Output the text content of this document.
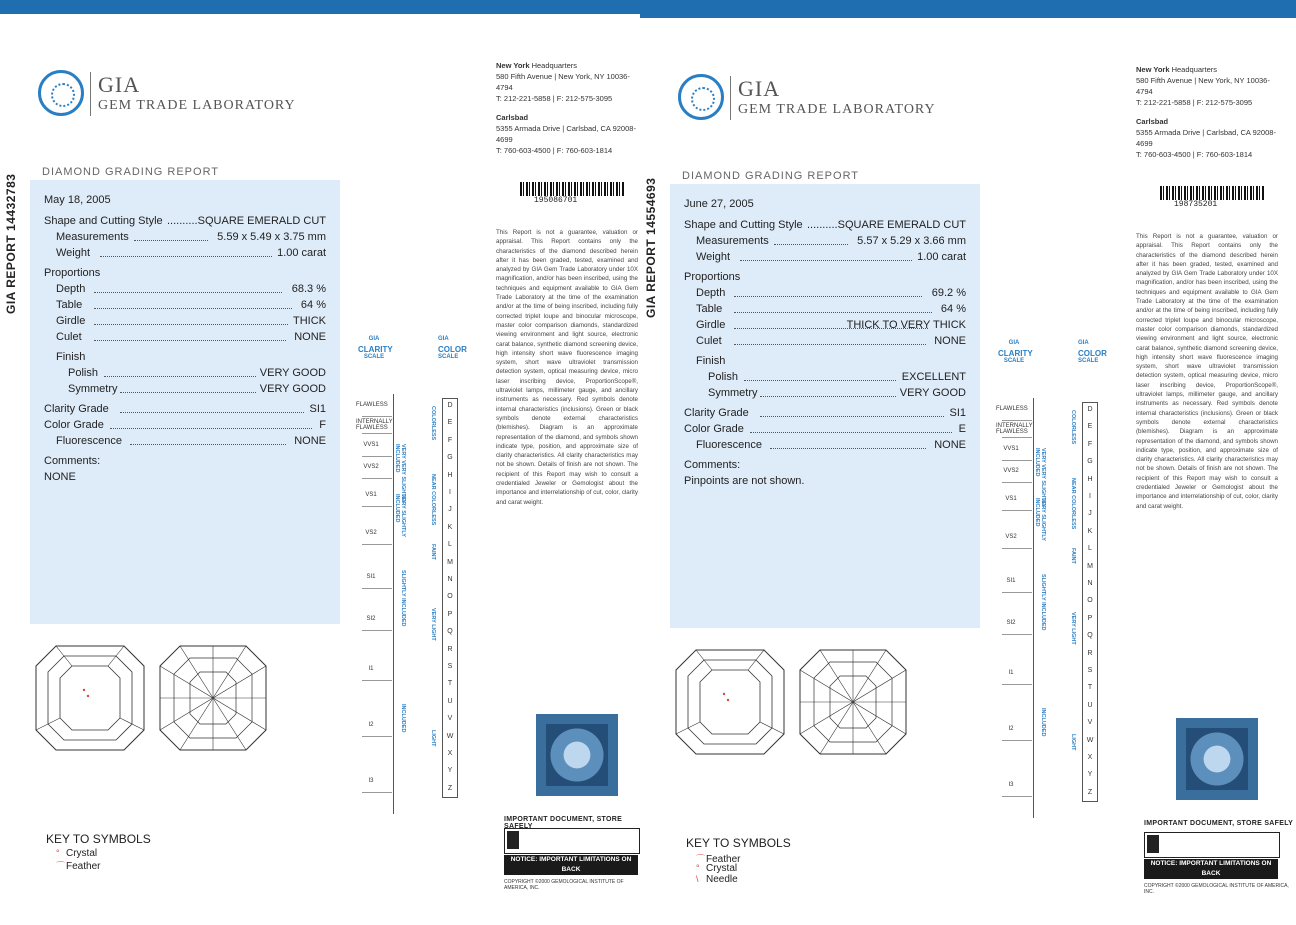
GIA REPORT 14432783
GIA
GEM TRADE LABORATORY
New York Headquarters
580 Fifth Avenue | New York, NY 10036-4794
T: 212-221-5858 | F: 212-575-3095
Carlsbad
5355 Armada Drive | Carlsbad, CA 92008-4699
T: 760-603-4500 | F: 760-603-1814
195086701
This Report is not a guarantee, valuation or appraisal. This Report contains only the characteristics of the diamond described herein after it has been graded, tested, examined and analyzed by GIA Gem Trade Laboratory under 10X magnification, and/or has been inscribed, using the techniques and equipment available to GIA Gem Trade Laboratory at the time of the examination and/or at the time of being inscribed, including fully corrected triplet loupe and binocular microscope, master color comparison diamonds, standardized viewing environment and light source, electronic carat balance, synthetic diamond screening device, high intensity short wave fluorescence imaging system, short wave ultraviolet transmission detection system, optical measuring device, micro laser inscribing device, ProportionScope®, ultraviolet lamps, millimeter gauge, and ancillary instruments as necessary. Red symbols denote internal characteristics (inclusions). Green or black symbols denote external characteristics (blemishes). Diagram is an approximate representation of the diamond, and symbols shown indicate type, position, and approximate size of clarity characteristics. All clarity characteristics may not be shown. Details of finish are not shown. The recipient of this Report may wish to consult a credentialed Jeweler or Gemologist about the importance and interrelationship of cut, color, clarity and carat weight.
DIAMOND GRADING REPORT
May 18, 2005
Shape and Cutting Style .......... SQUARE EMERALD CUT
Measurements	5.59 x 5.49 x 3.75 mm
Weight	1.00 carat
Proportions
Depth	68.3 %
Table	64 %
Girdle	THICK
Culet	NONE
Finish
Polish	VERY GOOD
Symmetry	VERY GOOD
Clarity Grade	SI1
Color Grade	F
Fluorescence	NONE
Comments:
NONE
KEY TO SYMBOLS
° Crystal
⌒Feather
GIA
CLARITY
SCALE
FLAWLESS
INTERNALLY FLAWLESS
VVS1
VVS2
VS1
VS2
SI1
SI2
I1
I2
I3
VERY VERY SLIGHTLY INCLUDED
VERY SLIGHTLY INCLUDED
SLIGHTLY INCLUDED
INCLUDED
GIA
COLOR
SCALE
D
E
F
G
H
I
J
K
L
M
N
O
P
Q
R
S
T
U
V
W
X
Y
Z
COLORLESS
NEAR COLORLESS
FAINT
VERY LIGHT
LIGHT
IMPORTANT DOCUMENT, STORE SAFELY
NOTICE: IMPORTANT LIMITATIONS ON BACK
COPYRIGHT ©2000 GEMOLOGICAL INSTITUTE OF AMERICA, INC.
GIA REPORT 14554693
GIA
GEM TRADE LABORATORY
New York Headquarters
580 Fifth Avenue | New York, NY 10036-4794
T: 212-221-5858 | F: 212-575-3095
Carlsbad
5355 Armada Drive | Carlsbad, CA 92008-4699
T: 760-603-4500 | F: 760-603-1814
198735201
This Report is not a guarantee, valuation or appraisal. This Report contains only the characteristics of the diamond described herein after it has been graded, tested, examined and analyzed by GIA Gem Trade Laboratory under 10X magnification, and/or has been inscribed, using the techniques and equipment available to GIA Gem Trade Laboratory at the time of the examination and/or at the time of being inscribed, including fully corrected triplet loupe and binocular microscope, master color comparison diamonds, standardized viewing environment and light source, electronic carat balance, synthetic diamond screening device, high intensity short wave fluorescence imaging system, short wave ultraviolet transmission detection system, optical measuring device, micro laser inscribing device, ProportionScope®, ultraviolet lamps, millimeter gauge, and ancillary instruments as necessary. Red symbols denote internal characteristics (inclusions). Green or black symbols denote external characteristics (blemishes). Diagram is an approximate representation of the diamond, and symbols shown indicate type, position, and approximate size of clarity characteristics. All clarity characteristics may not be shown. Details of finish are not shown. The recipient of this Report may wish to consult a credentialed Jeweler or Gemologist about the importance and interrelationship of cut, color, clarity and carat weight.
DIAMOND GRADING REPORT
June 27, 2005
Shape and Cutting Style .......... SQUARE EMERALD CUT
Measurements	5.57 x 5.29 x 3.66 mm
Weight	1.00 carat
Proportions
Depth	69.2 %
Table	64 %
Girdle	THICK TO VERY THICK
Culet	NONE
Finish
Polish	EXCELLENT
Symmetry	VERY GOOD
Clarity Grade	SI1
Color Grade	E
Fluorescence	NONE
Comments:
Pinpoints are not shown.
KEY TO SYMBOLS
⌒Feather
° Crystal
\ Needle
GIA
CLARITY
SCALE
FLAWLESS
INTERNALLY FLAWLESS
VVS1
VVS2
VS1
VS2
SI1
SI2
I1
I2
I3
VERY VERY SLIGHTLY INCLUDED
VERY SLIGHTLY INCLUDED
SLIGHTLY INCLUDED
INCLUDED
GIA
COLOR
SCALE
D
E
F
G
H
I
J
K
L
M
N
O
P
Q
R
S
T
U
V
W
X
Y
Z
COLORLESS
NEAR COLORLESS
FAINT
VERY LIGHT
LIGHT
IMPORTANT DOCUMENT, STORE SAFELY
NOTICE: IMPORTANT LIMITATIONS ON BACK
COPYRIGHT ©2000 GEMOLOGICAL INSTITUTE OF AMERICA, INC.
